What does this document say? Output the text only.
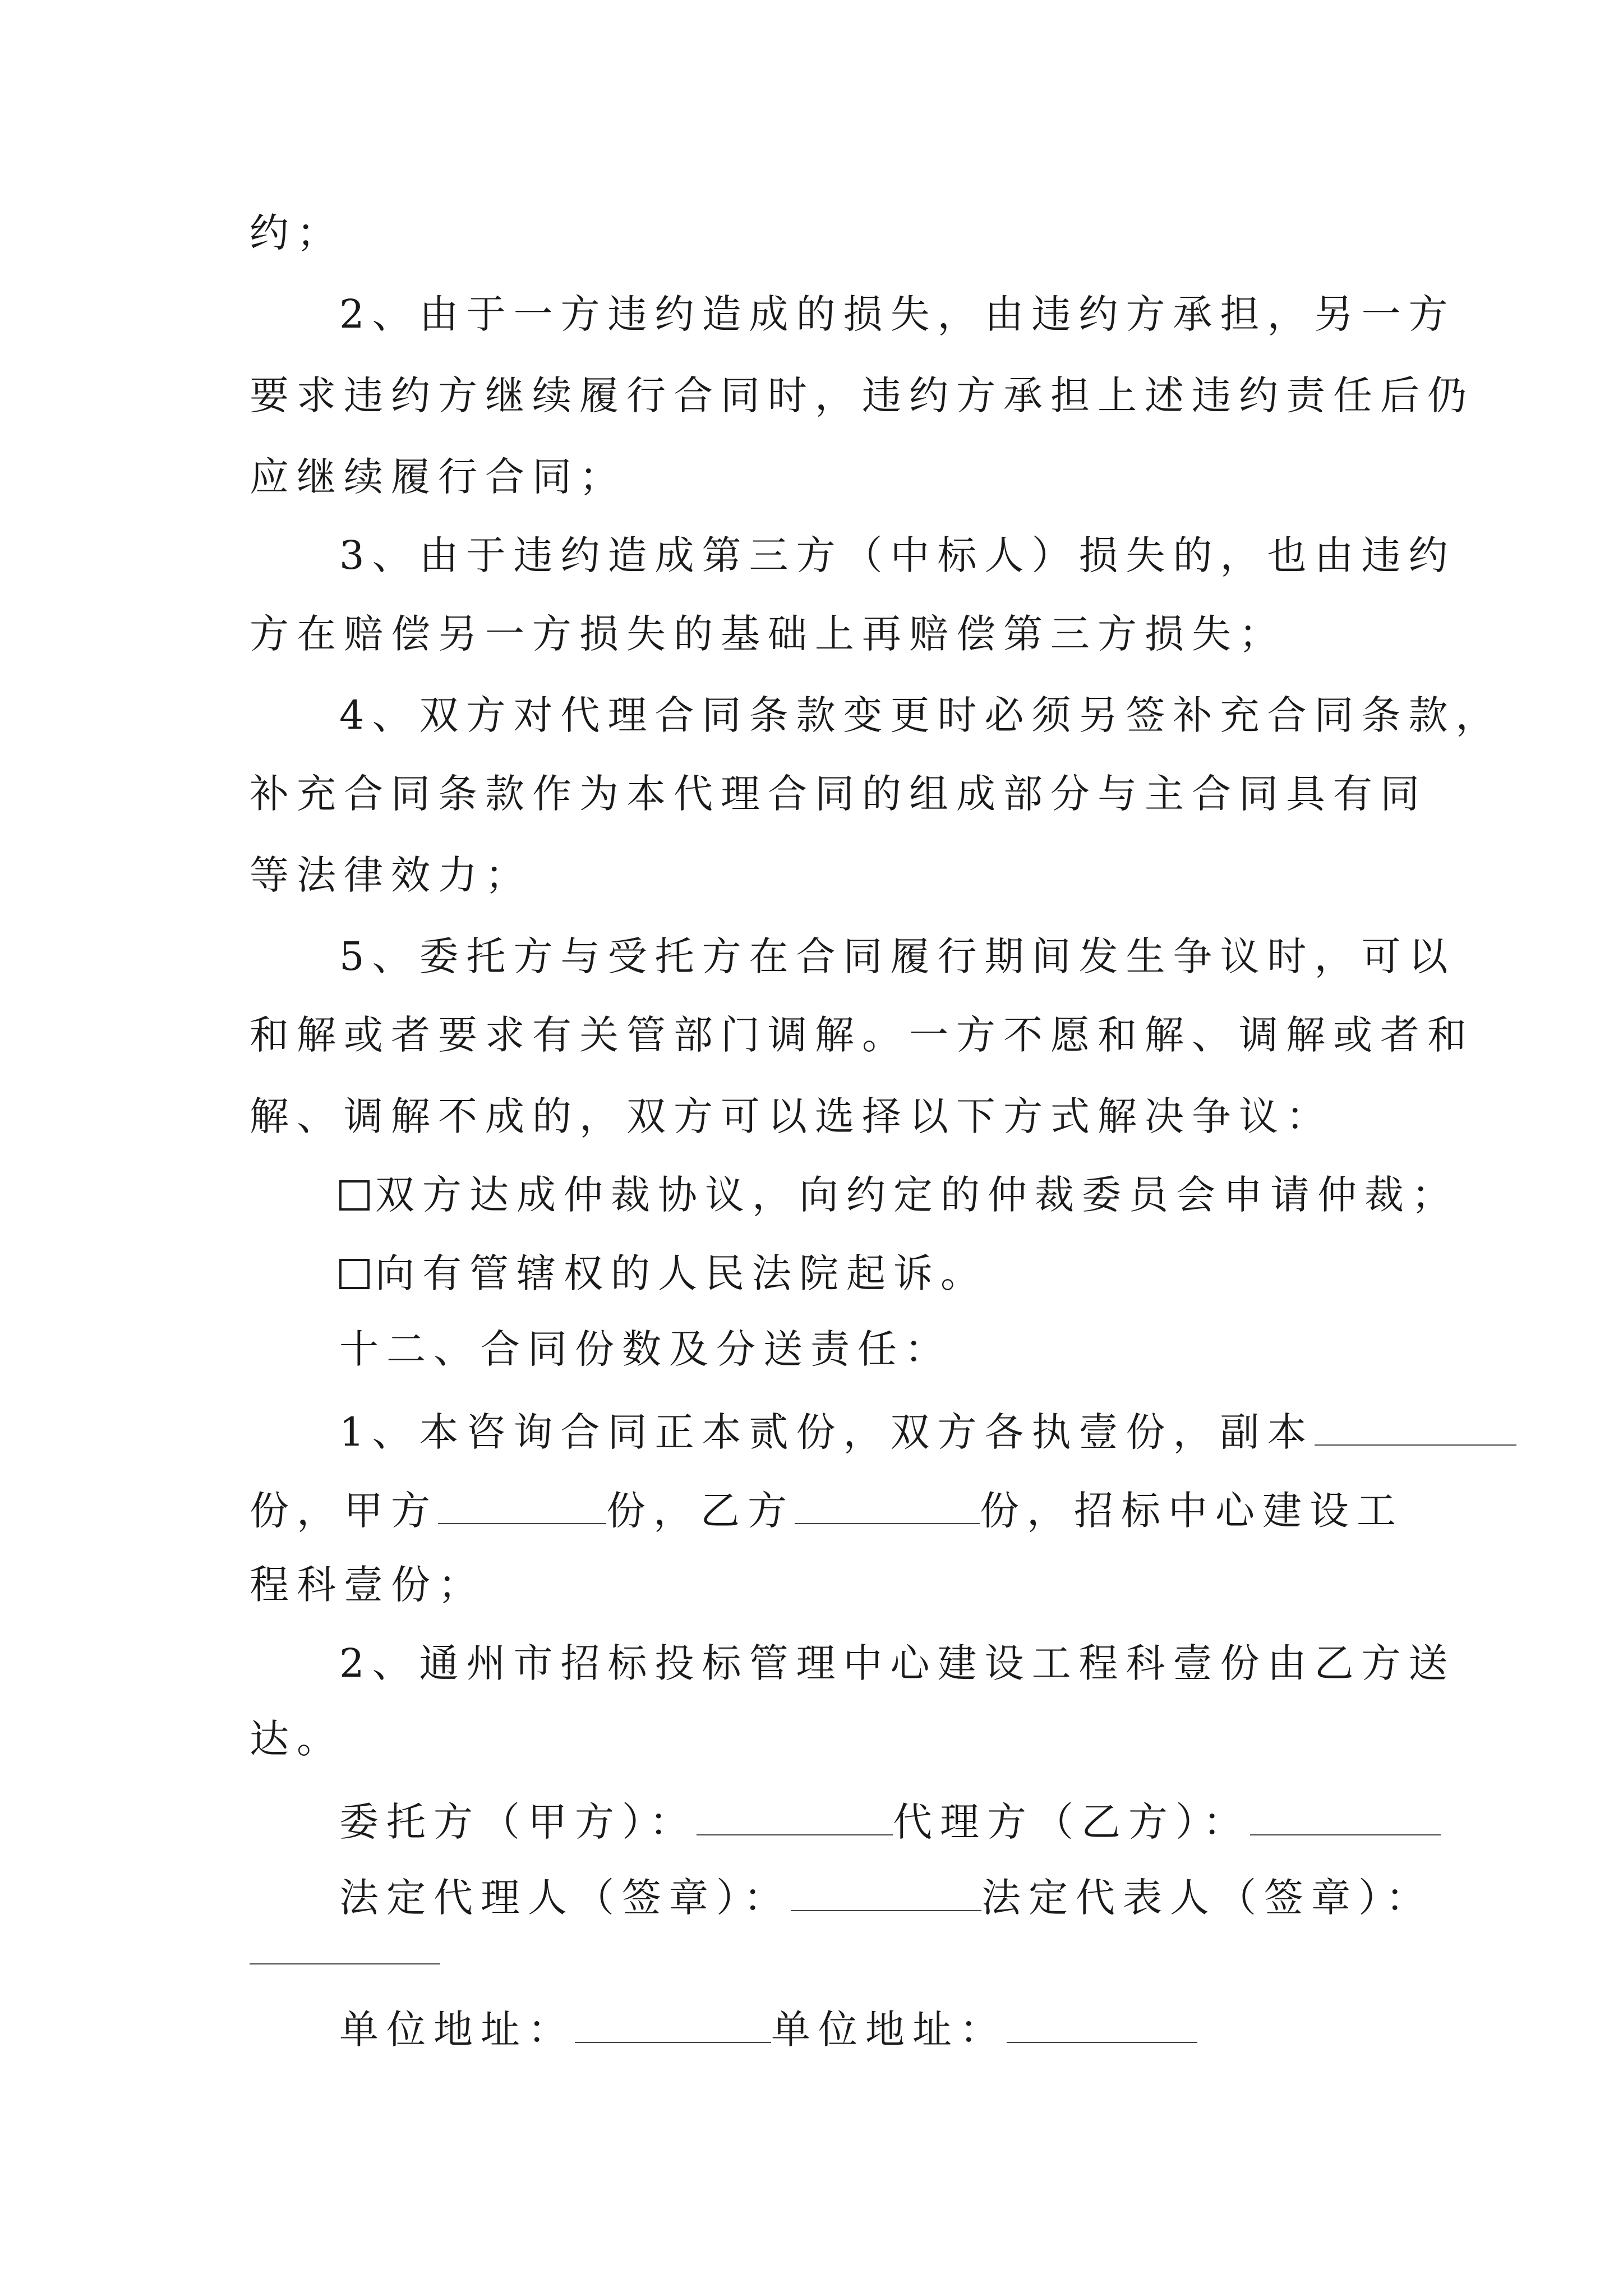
约；
2、由于一方违约造成的损失，由违约方承担，另一方
要求违约方继续履行合同时，违约方承担上述违约责任后仍
应继续履行合同；
3、由于违约造成第三方（中标人）损失的，也由违约
方在赔偿另一方损失的基础上再赔偿第三方损失；
4、双方对代理合同条款变更时必须另签补充合同条款，
补充合同条款作为本代理合同的组成部分与主合同具有同
等法律效力；
5、委托方与受托方在合同履行期间发生争议时，可以
和解或者要求有关管部门调解。一方不愿和解、调解或者和
解、调解不成的，双方可以选择以下方式解决争议：
双方达成仲裁协议，向约定的仲裁委员会申请仲裁；
向有管辖权的人民法院起诉。
十二、合同份数及分送责任：
1、本咨询合同正本贰份，双方各执壹份，副本
份，甲方	份，乙方	份，招标中心建设工
程科壹份；
2、通州市招标投标管理中心建设工程科壹份由乙方送
达。
委托方（甲方）：	代理方（乙方）：
法定代理人（签章）：	法定代表人（签章）：
单位地址：	单位地址：
